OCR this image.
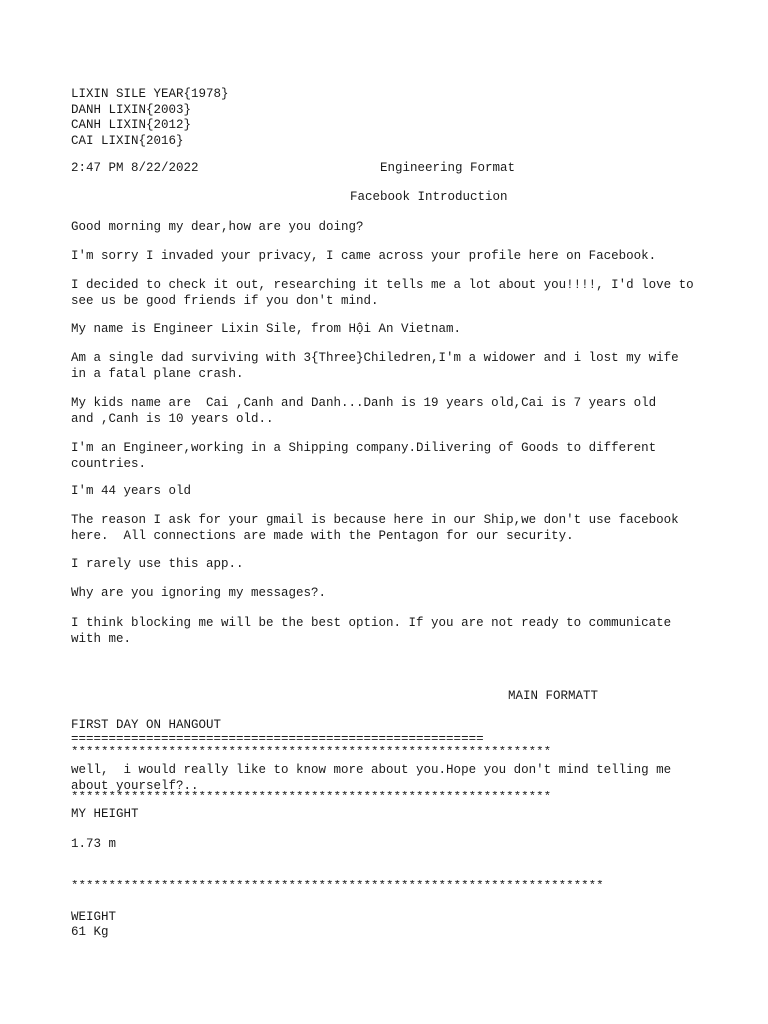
LIXIN SILE YEAR{1978}
DANH LIXIN{2003}
CANH LIXIN{2012}
CAI LIXIN{2016}
2:47 PM 8/22/2022	Engineering Format
Facebook Introduction
Good morning my dear,how are you doing?
I'm sorry I invaded your privacy, I came across your profile here on Facebook.
I decided to check it out, researching it tells me a lot about you!!!!, I'd love to
see us be good friends if you don't mind.
My name is Engineer Lixin Sile, from Hội An Vietnam.
Am a single dad surviving with 3{Three}Chiledren,I'm a widower and i lost my wife
in a fatal plane crash.
My kids name are  Cai ,Canh and Danh...Danh is 19 years old,Cai is 7 years old
and ,Canh is 10 years old..
I'm an Engineer,working in a Shipping company.Dilivering of Goods to different
countries.
I'm 44 years old
The reason I ask for your gmail is because here in our Ship,we don't use facebook
here.  All connections are made with the Pentagon for our security.
I rarely use this app..
Why are you ignoring my messages?.
I think blocking me will be the best option. If you are not ready to communicate
with me.
MAIN FORMATT
FIRST DAY ON HANGOUT
=======================================================
****************************************************************
well,  i would really like to know more about you.Hope you don't mind telling me
about yourself?..
****************************************************************
MY HEIGHT
1.73 m
***********************************************************************
WEIGHT
61 Kg
